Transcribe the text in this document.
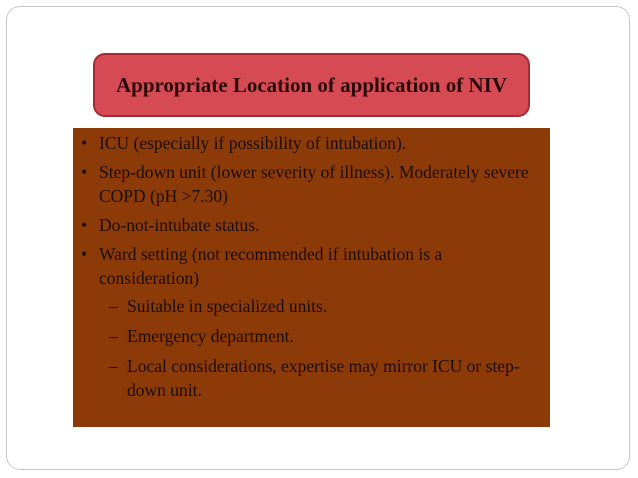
Appropriate Location of application of NIV
• ICU (especially if possibility of intubation).
• Step-down unit (lower severity of illness). Moderately severe COPD (pH >7.30)
• Do-not-intubate status.
• Ward setting (not recommended if intubation is a consideration)
– Suitable in specialized units.
– Emergency department.
– Local considerations, expertise may mirror ICU or step-down unit.
